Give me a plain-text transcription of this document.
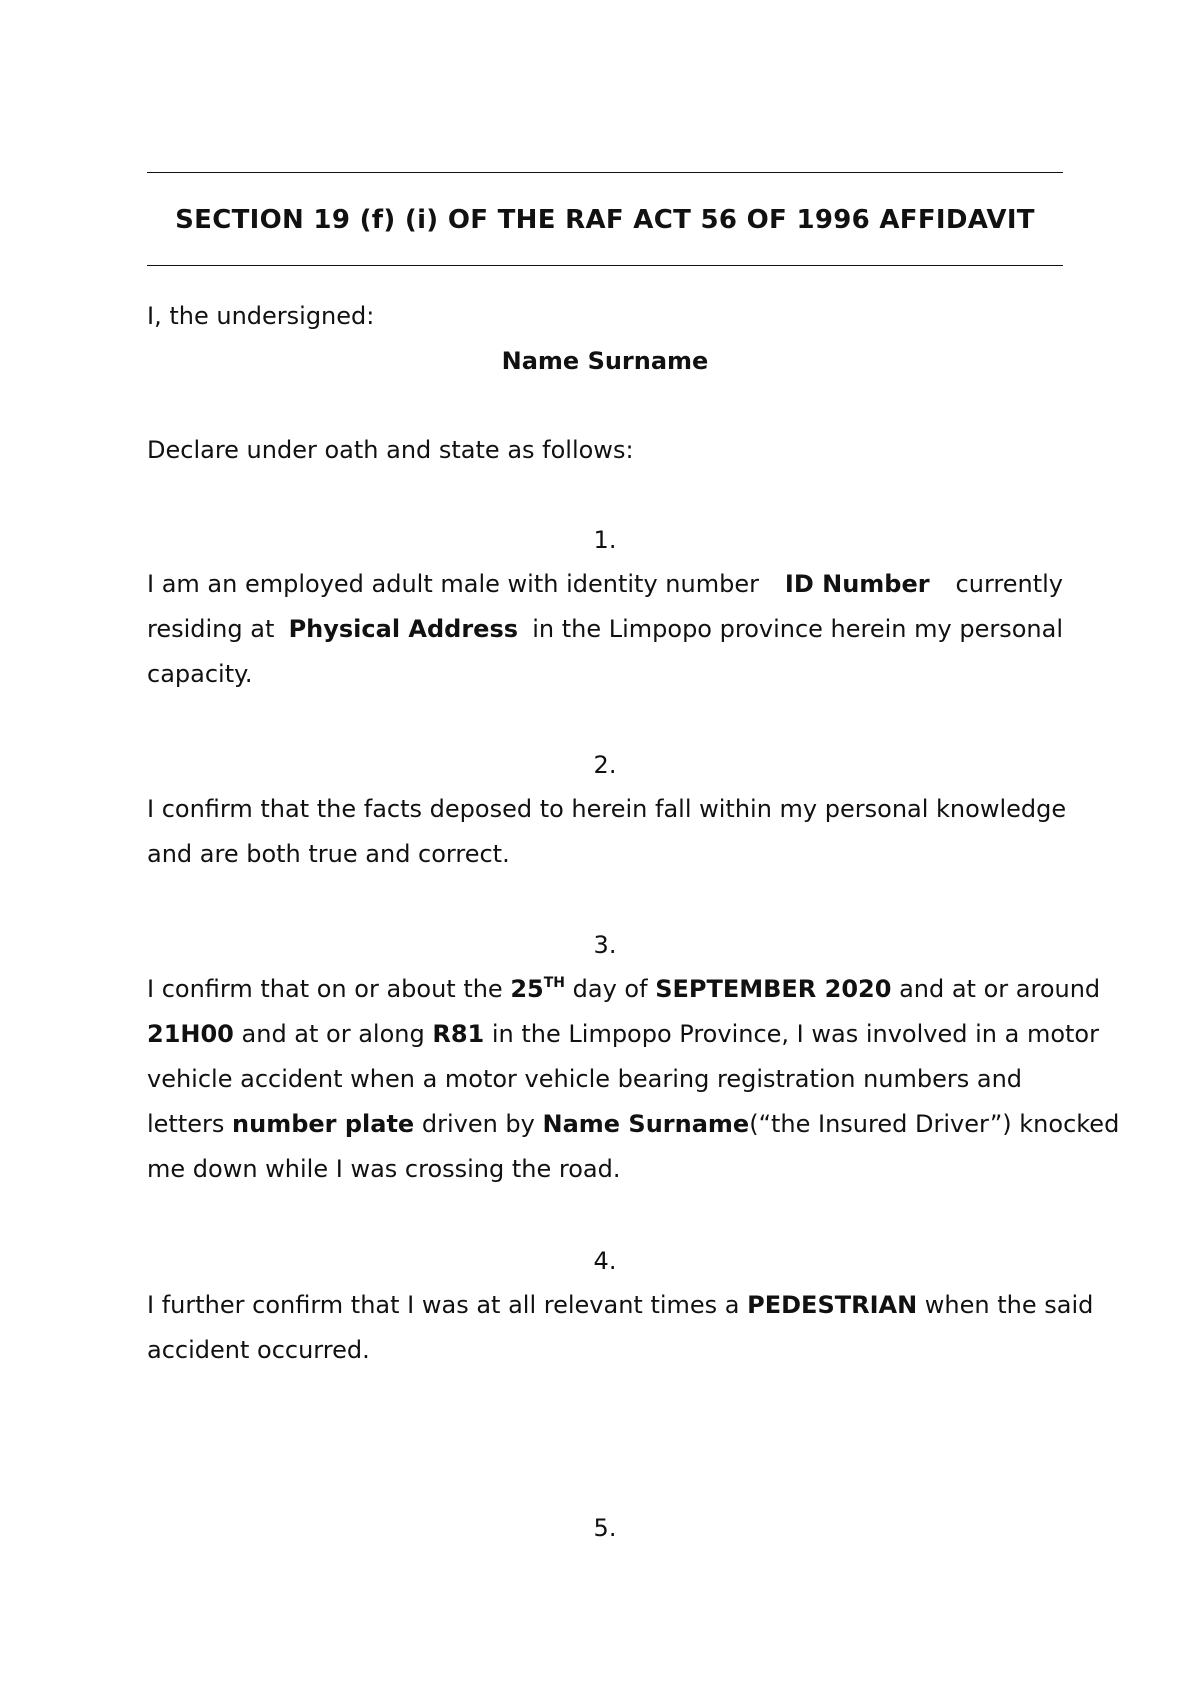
SECTION 19 (f) (i) OF THE RAF ACT 56 OF 1996 AFFIDAVIT
I, the undersigned:
Name Surname
Declare under oath and state as follows:
1.
I am an employed adult male with identity number ID Number currently
residing at Physical Address in the Limpopo province herein my personal
capacity.
2.
I confirm that the facts deposed to herein fall within my personal knowledge
and are both true and correct.
3.
I confirm that on or about the 25TH day of SEPTEMBER 2020 and at or around
21H00 and at or along R81 in the Limpopo Province, I was involved in a motor
vehicle accident when a motor vehicle bearing registration numbers and
letters number plate driven by Name Surname (“the Insured Driver”) knocked
me down while I was crossing the road.
4.
I further confirm that I was at all relevant times a PEDESTRIAN when the said
accident occurred.
5.
